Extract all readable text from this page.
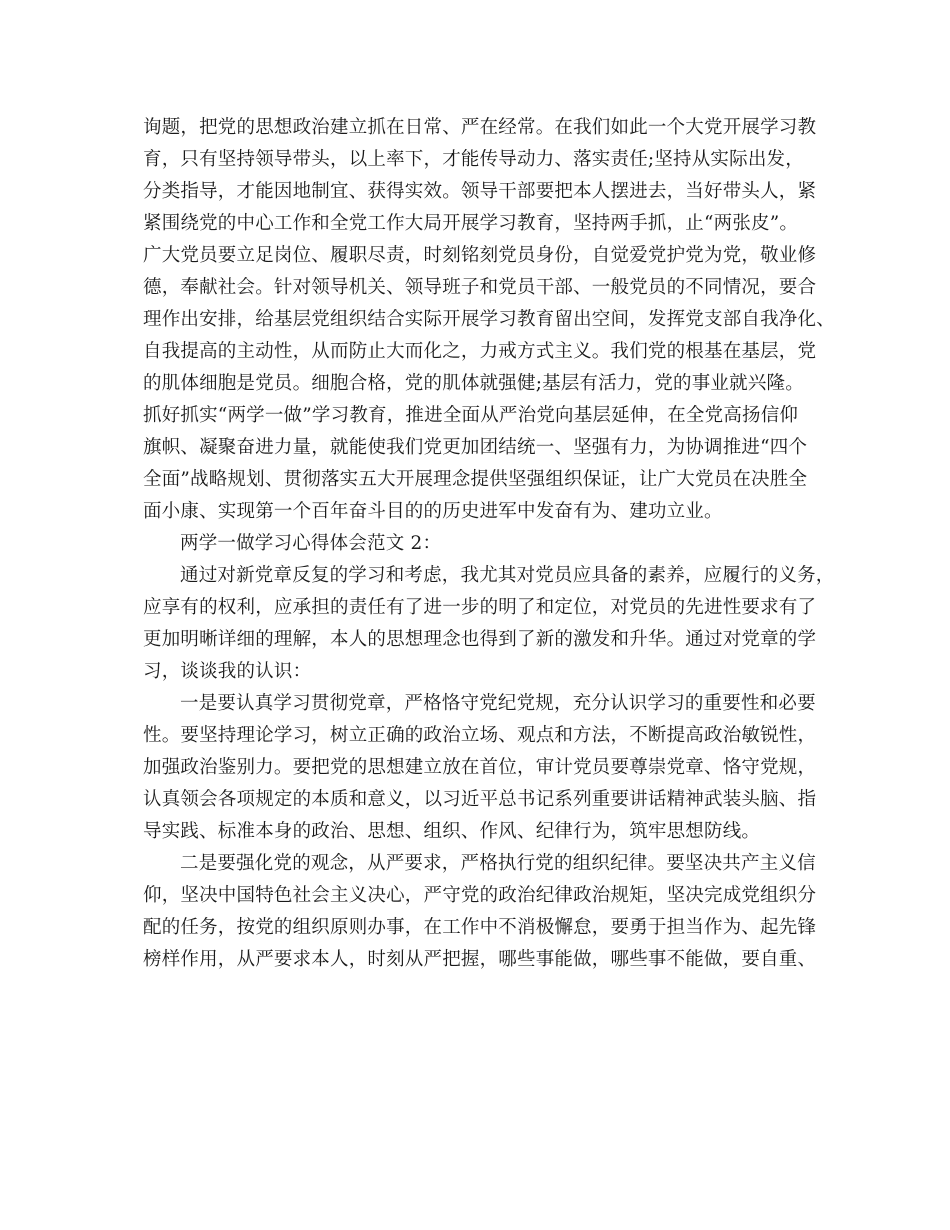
询题，把党的思想政治建立抓在日常、严在经常。在我们如此一个大党开展学习教
育，只有坚持领导带头，以上率下，才能传导动力、落实责任;坚持从实际出发，
分类指导，才能因地制宜、获得实效。领导干部要把本人摆进去，当好带头人，紧
紧围绕党的中心工作和全党工作大局开展学习教育，坚持两手抓，止“两张皮”。
广大党员要立足岗位、履职尽责，时刻铭刻党员身份，自觉爱党护党为党，敬业修
德，奉献社会。针对领导机关、领导班子和党员干部、一般党员的不同情况，要合
理作出安排，给基层党组织结合实际开展学习教育留出空间，发挥党支部自我净化、
自我提高的主动性，从而防止大而化之，力戒方式主义。我们党的根基在基层，党
的肌体细胞是党员。细胞合格，党的肌体就强健;基层有活力，党的事业就兴隆。
抓好抓实“两学一做”学习教育，推进全面从严治党向基层延伸，在全党高扬信仰
旗帜、凝聚奋进力量，就能使我们党更加团结统一、坚强有力，为协调推进“四个
全面”战略规划、贯彻落实五大开展理念提供坚强组织保证，让广大党员在决胜全
面小康、实现第一个百年奋斗目的的历史进军中发奋有为、建功立业。
两学一做学习心得体会范文 2：
通过对新党章反复的学习和考虑，我尤其对党员应具备的素养，应履行的义务，
应享有的权利，应承担的责任有了进一步的明了和定位，对党员的先进性要求有了
更加明晰详细的理解，本人的思想理念也得到了新的激发和升华。通过对党章的学
习，谈谈我的认识：
一是要认真学习贯彻党章，严格恪守党纪党规，充分认识学习的重要性和必要
性。要坚持理论学习，树立正确的政治立场、观点和方法，不断提高政治敏锐性，
加强政治鉴别力。要把党的思想建立放在首位，审计党员要尊崇党章、恪守党规，
认真领会各项规定的本质和意义，以习近平总书记系列重要讲话精神武装头脑、指
导实践、标准本身的政治、思想、组织、作风、纪律行为，筑牢思想防线。
二是要强化党的观念，从严要求，严格执行党的组织纪律。要坚决共产主义信
仰，坚决中国特色社会主义决心，严守党的政治纪律政治规矩，坚决完成党组织分
配的任务，按党的组织原则办事，在工作中不消极懈怠，要勇于担当作为、起先锋
榜样作用，从严要求本人，时刻从严把握，哪些事能做，哪些事不能做，要自重、
